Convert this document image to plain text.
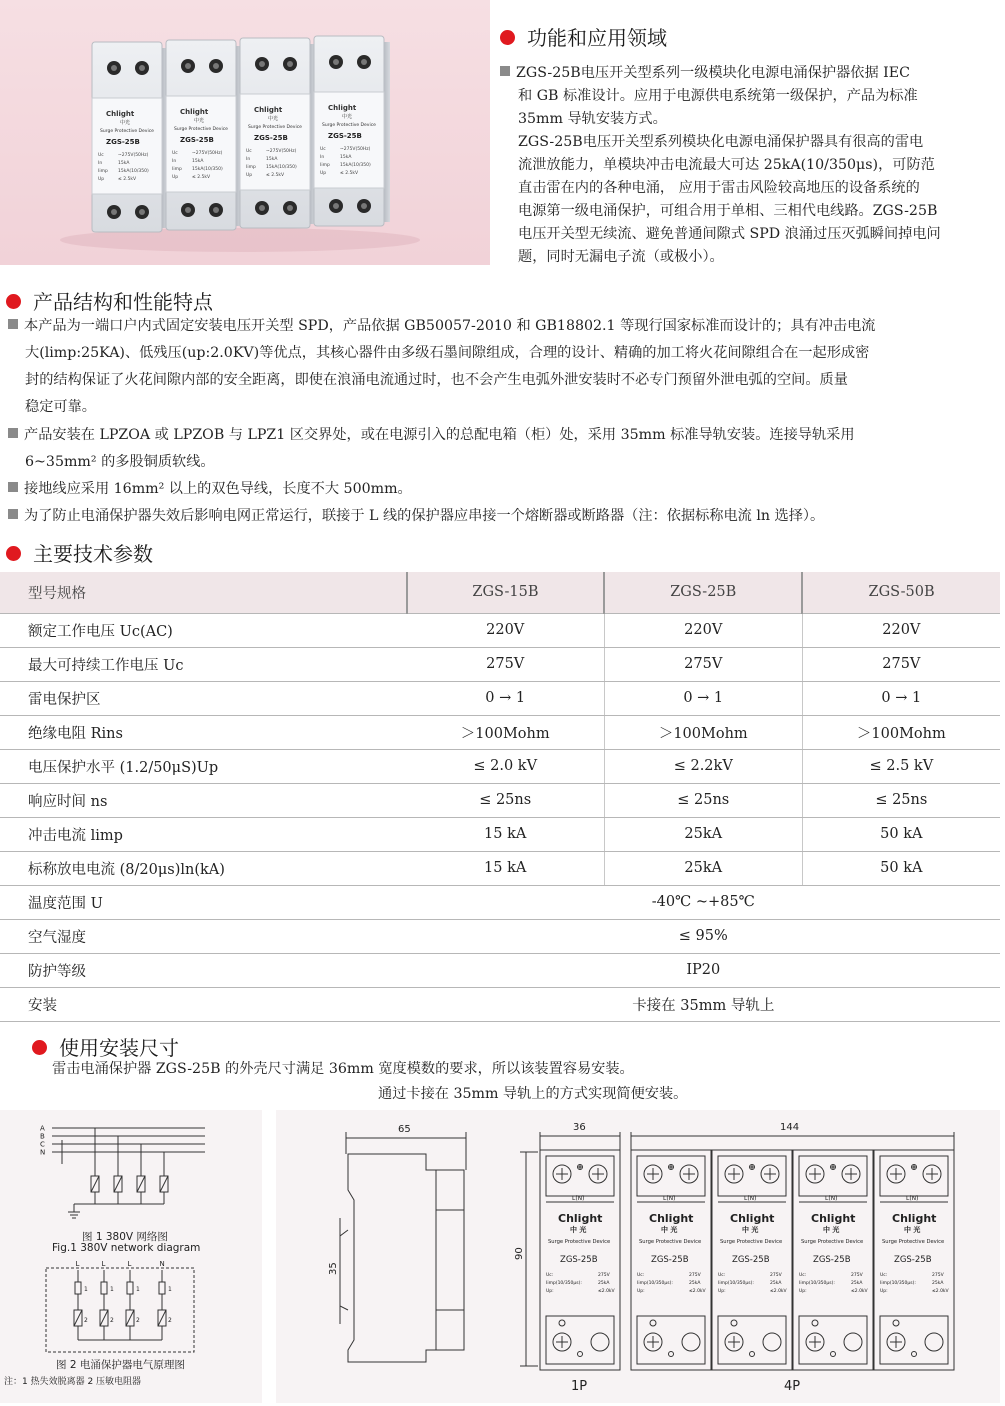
Chlight
中光
Surge Protective Device
ZGS-25B
Uc	~275V(50Hz)
In	15kA
Iimp 15kA(10/350)
Up	≤ 2.5kV
Chlight
中光
Surge Protective Device
ZGS-25B
Uc	~275V(50Hz)
In	15kA
Iimp 15kA(10/350)
Up	≤ 2.5kV
Chlight
中光
Surge Protective Device
ZGS-25B
Uc	~275V(50Hz)
In	15kA
Iimp 15kA(10/350)
Up	≤ 2.5kV
Chlight
中光
Surge Protective Device
ZGS-25B
Uc	~275V(50Hz)
In	15kA
Iimp 15kA(10/350)
Up	≤ 2.5kV
功能和应用领域

ZGS-25B电压开关型系列一级模块化电源电涌保护器依据 IEC

和 GB 标准设计。应用于电源供电系统第一级保护，产品为标准

35mm 导轨安装方式。

ZGS-25B电压开关型系列模块化电源电涌保护器具有很高的雷电

流泄放能力，单模块冲击电流最大可达 25kA(10/350μs)，可防范

直击雷在内的各种电涌， 应用于雷击风险较高地压的设备系统的

电源第一级电涌保护，可组合用于单相、三相代电线路。ZGS-25B

电压开关型无续流、避免普通间隙式 SPD 浪涌过压灭弧瞬间掉电问

题，同时无漏电子流（或极小）。

产品结构和性能特点

本产品为一端口户内式固定安装电压开关型 SPD，产品依据 GB50057-2010 和 GB18802.1 等现行国家标准而设计的；具有冲击电流

大(limp:25KA)、低残压(up:2.0KV)等优点，其核心器件由多级石墨间隙组成，合理的设计、精确的加工将火花间隙组合在一起形成密

封的结构保证了火花间隙内部的安全距离，即使在浪涌电流通过时，也不会产生电弧外泄安装时不必专门预留外泄电弧的空间。质量

稳定可靠。

产品安装在 LPZOA 或 LPZOB 与 LPZ1 区交界处，或在电源引入的总配电箱（柜）处，采用 35mm 标准导轨安装。连接导轨采用

6~35mm² 的多股铜质软线。

接地线应采用 16mm² 以上的双色导线，长度不大 500mm。

为了防止电涌保护器失效后影响电网正常运行，联接于 L 线的保护器应串接一个熔断器或断路器（注：依据标称电流 ln 选择）。

主要技术参数
型号规格	ZGS-15B	ZGS-25B	ZGS-50B
额定工作电压 Uc(AC)	220V	220V	220V
最大可持续工作电压 Uc	275V	275V	275V
雷电保护区	0 → 1	0 → 1	0 → 1
绝缘电阻 Rins	＞100Mohm	＞100Mohm	＞100Mohm
电压保护水平 (1.2/50μS)Up	≤ 2.0 kV	≤ 2.2kV	≤ 2.5 kV
响应时间 ns	≤ 25ns	≤ 25ns	≤ 25ns
冲击电流 limp	15 kA	25kA	50 kA
标称放电电流 (8/20μs)ln(kA)	15 kA	25kA	50 kA
温度范围 U	-40℃ ~+85℃		
空气湿度	≤ 95%		
防护等级	IP20		
安装	卡接在 35mm 导轨上		
使用安装尺寸
雷击电涌保护器 ZGS-25B 的外壳尺寸满足 36mm 宽度模数的要求，所以该装置容易安装。
通过卡接在 35mm 导轨上的方式实现简便安装。
A
B
C
N
L
1
2
L
1
2
L
1
2
N
1
2
图 1 380V 网络图
Fig.1 380V network diagram
图 2 电涌保护器电气原理图
注：1 热失效脱离器 2 压敏电阻器
65
35
90
L(N)
Chlight
中 光
Surge Protective Device
ZGS-25B
Uc:	275V
Iimp(10/350μs):	25kA
Up:	≤2.0kV
L(N)
Chlight
中 光
Surge Protective Device
ZGS-25B
Uc:	275V
Iimp(10/350μs):	25kA
Up:	≤2.0kV
L(N)
Chlight
中 光
Surge Protective Device
ZGS-25B
Uc:	275V
Iimp(10/350μs):	25kA
Up:	≤2.0kV
L(N)
Chlight
中 光
Surge Protective Device
ZGS-25B
Uc:	275V
Iimp(10/350μs):	25kA
Up:	≤2.0kV
L(N)
Chlight
中 光
Surge Protective Device
ZGS-25B
Uc:	275V
Iimp(10/350μs):	25kA
Up:	≤2.0kV
36	144
1P	4P
